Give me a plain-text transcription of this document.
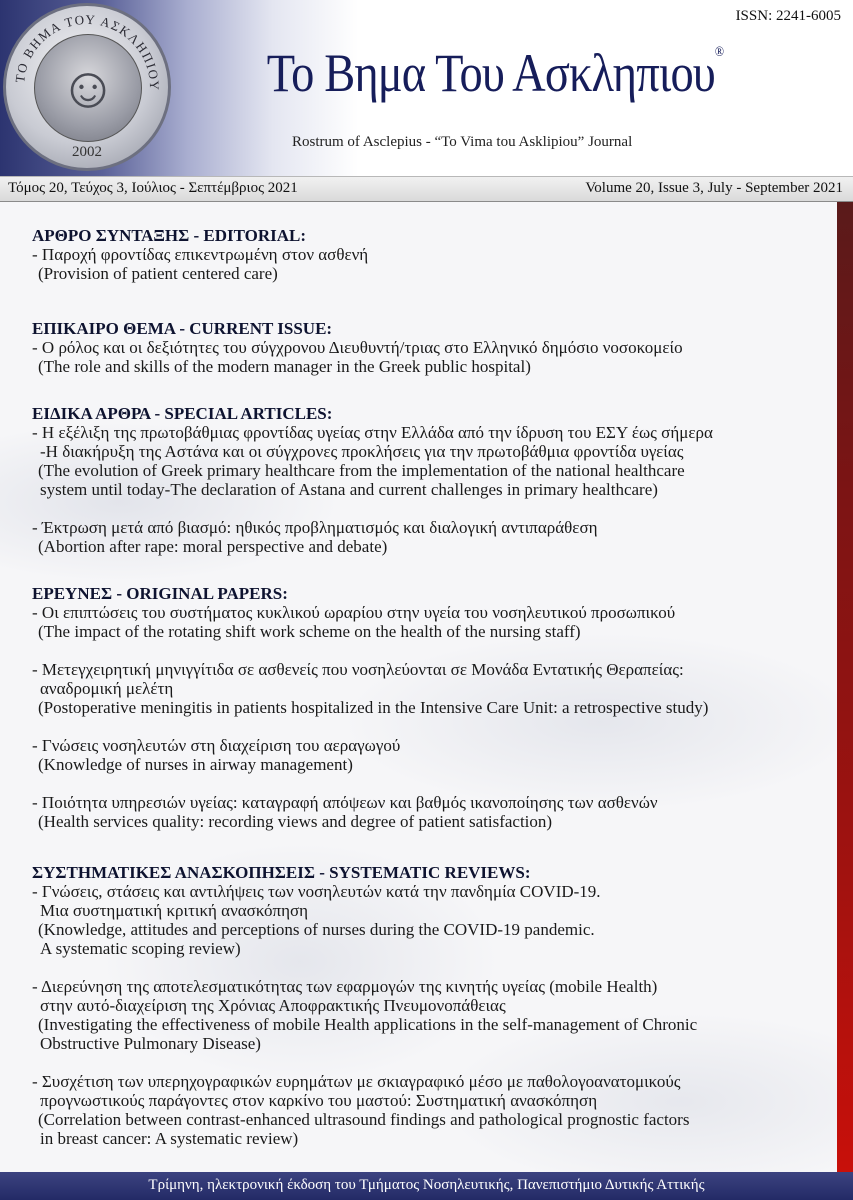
ΤΟ ΒΗΜΑ ΤΟΥ ΑΣΚΛΗΠΙΟΥ
☺
2002
ISSN: 2241-6005
Το Βημα Του Ασκληπιου®
Rostrum of Asclepius - “To Vima tou Asklipiou” Journal
Τόμος 20, Τεύχος 3, Ιούλιος - Σεπτέμβριος 2021	Volume 20, Issue 3, July - September 2021
ΑΡΘΡΟ ΣΥΝΤΑΞΗΣ - EDITORIAL:
- Παροχή φροντίδας επικεντρωμένη στον ασθενή
(Provision of patient centered care)
ΕΠΙΚΑΙΡΟ ΘΕΜΑ - CURRENT ISSUE:
- Ο ρόλος και οι δεξιότητες του σύγχρονου Διευθυντή/τριας στο Ελληνικό δημόσιο νοσοκομείο
(The role and skills of the modern manager in the Greek public hospital)
ΕΙΔΙΚΑ ΑΡΘΡΑ - SPECIAL ARTICLES:
- Η εξέλιξη της πρωτοβάθμιας φροντίδας υγείας στην Ελλάδα από την ίδρυση του ΕΣΥ έως σήμερα
-Η διακήρυξη της Αστάνα και οι σύγχρονες προκλήσεις για την πρωτοβάθμια φροντίδα υγείας
(The evolution of Greek primary healthcare from the implementation of the national healthcare
system until today-The declaration of Astana and current challenges in primary healthcare)
- Έκτρωση μετά από βιασμό: ηθικός προβληματισμός και διαλογική αντιπαράθεση
(Abortion after rape: moral perspective and debate)
ΕΡΕΥΝΕΣ - ORIGINAL PAPERS:
- Οι επιπτώσεις του συστήματος κυκλικού ωραρίου στην υγεία του νοσηλευτικού προσωπικού
(The impact of the rotating shift work scheme on the health of the nursing staff)
- Μετεγχειρητική μηνιγγίτιδα σε ασθενείς που νοσηλεύονται σε Μονάδα Εντατικής Θεραπείας:
αναδρομική μελέτη
(Postoperative meningitis in patients hospitalized in the Intensive Care Unit: a retrospective study)
- Γνώσεις νοσηλευτών στη διαχείριση του αεραγωγού
(Knowledge of nurses in airway management)
- Ποιότητα υπηρεσιών υγείας: καταγραφή απόψεων και βαθμός ικανοποίησης των ασθενών
(Health services quality: recording views and degree of patient satisfaction)
ΣΥΣΤΗΜΑΤΙΚΕΣ ΑΝΑΣΚΟΠΗΣΕΙΣ - SYSTEMATIC REVIEWS:
- Γνώσεις, στάσεις και αντιλήψεις των νοσηλευτών κατά την πανδημία COVID-19.
Μια συστηματική κριτική ανασκόπηση
(Knowledge, attitudes and perceptions of nurses during the COVID-19 pandemic.
A systematic scoping review)
- Διερεύνηση της αποτελεσματικότητας των εφαρμογών της κινητής υγείας (mobile Health)
στην αυτό-διαχείριση της Χρόνιας Αποφρακτικής Πνευμονοπάθειας
(Investigating the effectiveness of mobile Health applications in the self-management of Chronic
Obstructive Pulmonary Disease)
- Συσχέτιση των υπερηχογραφικών ευρημάτων με σκιαγραφικό μέσο με παθολογοανατομικούς
προγνωστικούς παράγοντες στον καρκίνο του μαστού: Συστηματική ανασκόπηση
(Correlation between contrast-enhanced ultrasound findings and pathological prognostic factors
in breast cancer: A systematic review)
Τρίμηνη, ηλεκτρονική έκδοση του Τμήματος Νοσηλευτικής, Πανεπιστήμιο Δυτικής Αττικής
